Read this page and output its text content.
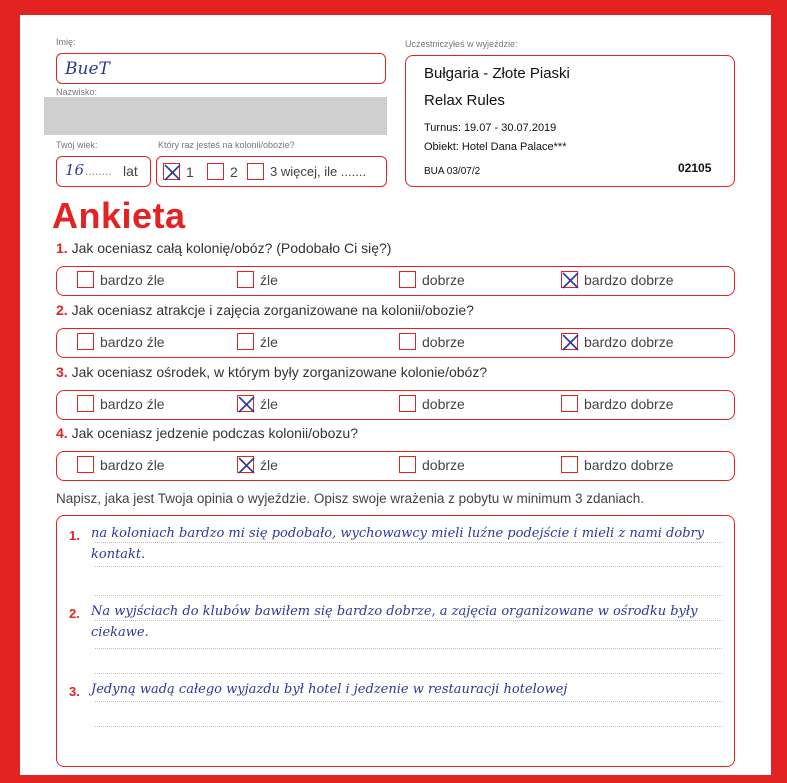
Imię:
BueT
Nazwisko:
Twój wiek:
16 ........ lat
Który raz jesteś na kolonii/obozie?
1	2 3 więcej, ile .......
Uczestniczyłeś w wyjeździe:
Bułgaria - Złote Piaski
Relax Rules
Turnus: 19.07 - 30.07.2019
Obiekt: Hotel Dana Palace***
BUA 03/07/2	02105
Ankieta
1. Jak oceniasz całą kolonię/obóz? (Podobało Ci się?)
bardzo źle	źle	dobrze	bardzo dobrze
2. Jak oceniasz atrakcje i zajęcia zorganizowane na kolonii/obozie?
bardzo źle	źle	dobrze	bardzo dobrze
3. Jak oceniasz ośrodek, w którym były zorganizowane kolonie/obóz?
bardzo źle	źle	dobrze	bardzo dobrze
4. Jak oceniasz jedzenie podczas kolonii/obozu?
bardzo źle	źle	dobrze	bardzo dobrze
Napisz, jaka jest Twoja opinia o wyjeździe. Opisz swoje wrażenia z pobytu w minimum 3 zdaniach.
1. na koloniach bardzo mi się podobało, wychowawcy mieli luźne podejście i mieli z nami dobry kontakt.
2. Na wyjściach do klubów bawiłem się bardzo dobrze, a zajęcia organizowane w ośrodku były ciekawe.
3. Jedyną wadą całego wyjazdu był hotel i jedzenie w restauracji hotelowej
